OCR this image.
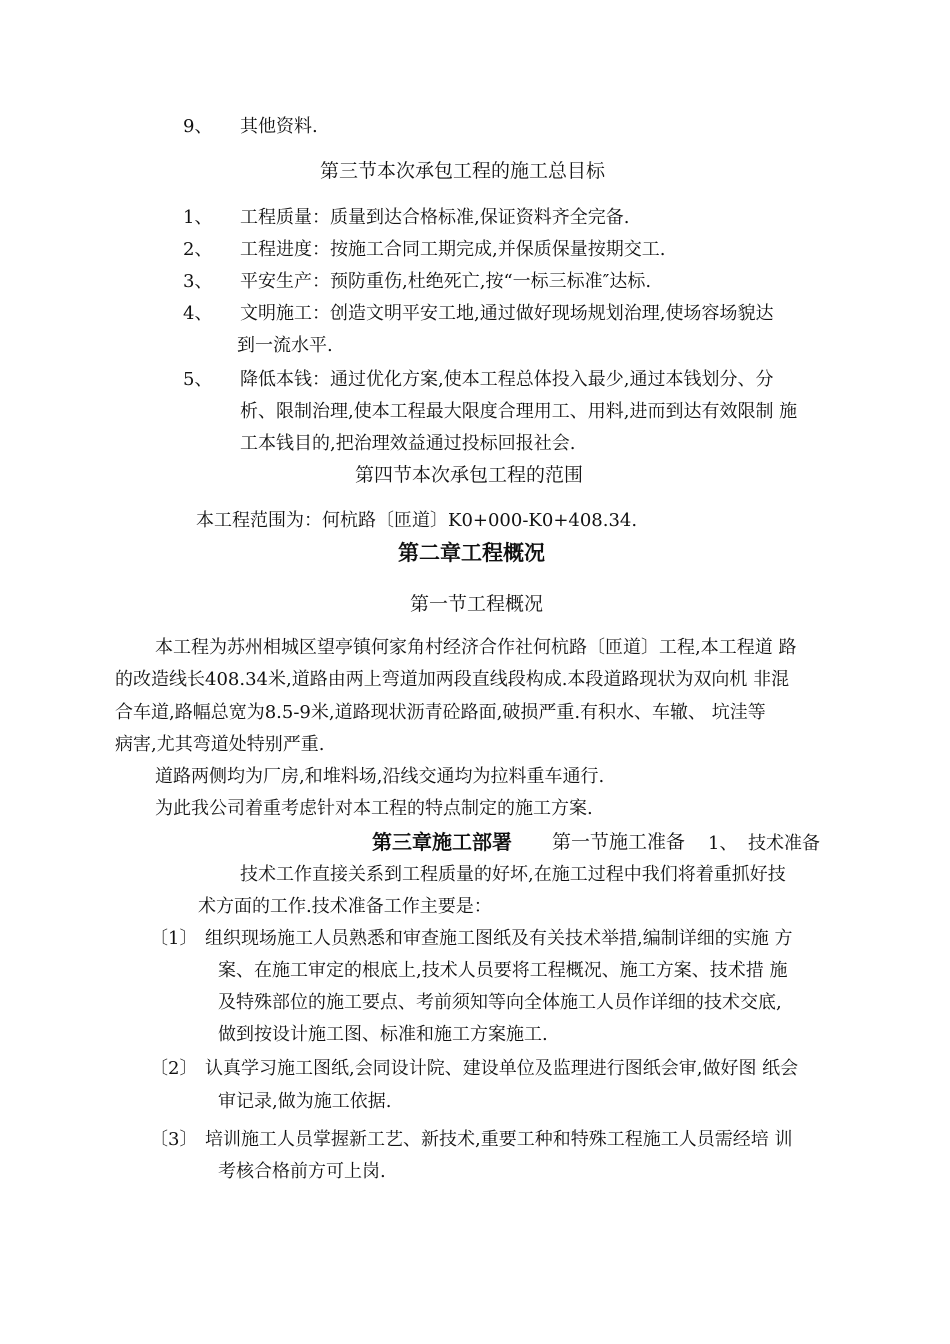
9、 其他资料.
第三节本次承包工程的施工总目标
1、 工程质量：质量到达合格标准,保证资料齐全完备.
2、 工程进度：按施工合同工期完成,并保质保量按期交工.
3、 平安生产：预防重伤,杜绝死亡,按“一标三标准″达标.
4、 文明施工：创造文明平安工地,通过做好现场规划治理,使场容场貌达
到一流水平.
5、 降低本钱：通过优化方案,使本工程总体投入最少,通过本钱划分、分
析、限制治理,使本工程最大限度合理用工、用料,进而到达有效限制 施
工本钱目的,把治理效益通过投标回报社会.
第四节本次承包工程的范围
本工程范围为：何杭路〔匝道〕K0+000-K0+408.34.
第二章工程概况
第一节工程概况
本工程为苏州相城区望亭镇何家角村经济合作社何杭路〔匝道〕工程,本工程道 路
的改造线长408.34米,道路由两上弯道加两段直线段构成.本段道路现状为双向机 非混
合车道,路幅总宽为8.5-9米,道路现状沥青砼路面,破损严重.有积水、车辙、 坑洼等
病害,尤其弯道处特别严重.
道路两侧均为厂房,和堆料场,沿线交通均为拉料重车通行.
为此我公司着重考虑针对本工程的特点制定的施工方案.
第三章施工部署 第一节施工准备 1、 技术准备
技术工作直接关系到工程质量的好坏,在施工过程中我们将着重抓好技
术方面的工作.技术准备工作主要是：
〔1〕 组织现场施工人员熟悉和审查施工图纸及有关技术举措,编制详细的实施 方
案、在施工审定的根底上,技术人员要将工程概况、施工方案、技术措 施
及特殊部位的施工要点、考前须知等向全体施工人员作详细的技术交底,
做到按设计施工图、标准和施工方案施工.
〔2〕 认真学习施工图纸,会同设计院、建设单位及监理进行图纸会审,做好图 纸会
审记录,做为施工依据.
〔3〕 培训施工人员掌握新工艺、新技术,重要工种和特殊工程施工人员需经培 训
考核合格前方可上岗.
